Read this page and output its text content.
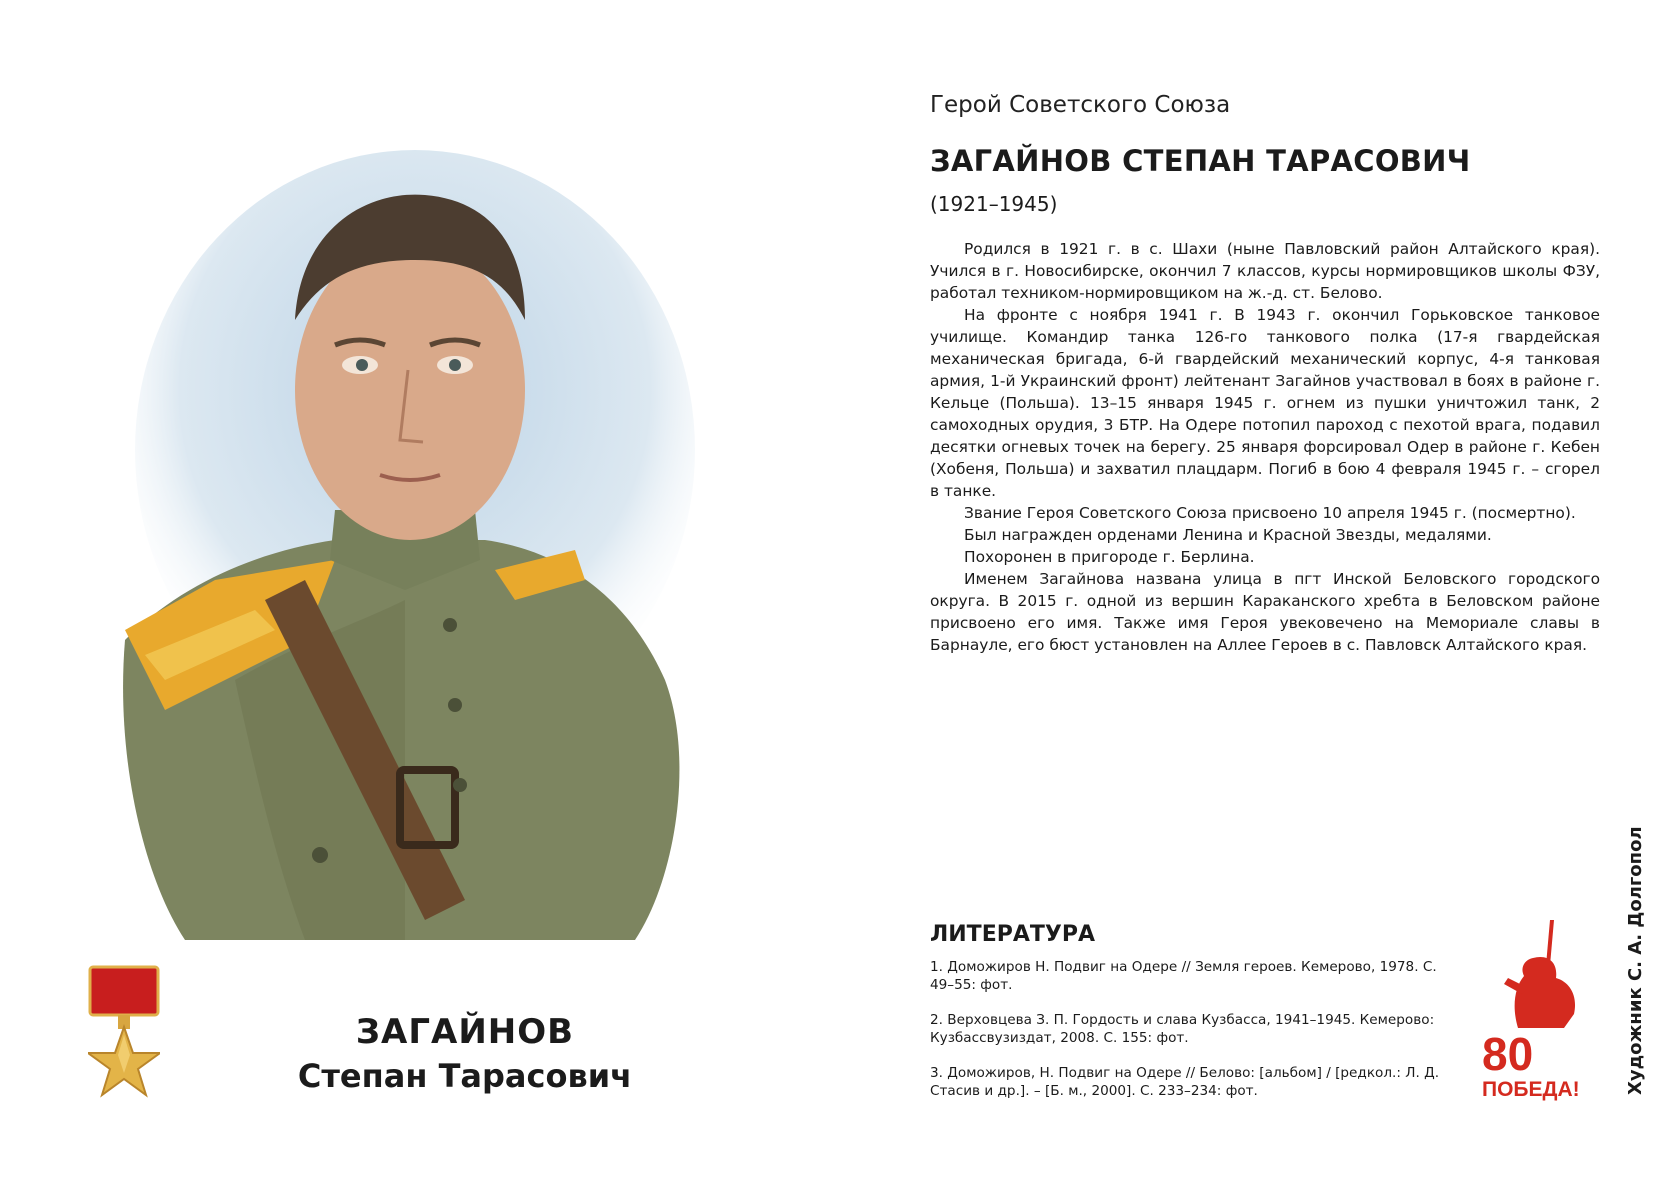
ЗАГАЙНОВ
Степан Тарасович
Герой Советского Союза
ЗАГАЙНОВ СТЕПАН ТАРАСОВИЧ
(1921–1945)

Родился в 1921 г. в с. Шахи (ныне Павловский район Алтайского края). Учился в г. Новосибирске, окончил 7 классов, курсы нормировщиков школы ФЗУ, работал техником-нормировщиком на ж.-д. ст. Белово.

На фронте с ноября 1941 г. В 1943 г. окончил Горьковское танковое училище. Командир танка 126-го танкового полка (17-я гвардейская механическая бригада, 6-й гвардейский механический корпус, 4-я танковая армия, 1-й Украинский фронт) лейтенант Загайнов участвовал в боях в районе г. Кельце (Польша). 13–15 января 1945 г. огнем из пушки уничтожил танк, 2 самоходных орудия, 3 БТР. На Одере потопил пароход с пехотой врага, подавил десятки огневых точек на берегу. 25 января форсировал Одер в районе г. Кебен (Хобеня, Польша) и захватил плацдарм. Погиб в бою 4 февраля 1945 г. – сгорел в танке.

Звание Героя Советского Союза присвоено 10 апреля 1945 г. (посмертно).

Был награжден орденами Ленина и Красной Звезды, медалями.

Похоронен в пригороде г. Берлина.

Именем Загайнова названа улица в пгт Инской Беловского городского округа. В 2015 г. одной из вершин Караканского хребта в Беловском районе присвоено его имя. Также имя Героя увековечено на Мемориале славы в Барнауле, его бюст установлен на Аллее Героев в с. Павловск Алтайского края.

ЛИТЕРАТУРА
1. Доможиров Н. Подвиг на Одере // Земля героев. Кемерово, 1978. С. 49–55: фот.
2. Верховцева З. П. Гордость и слава Кузбасса, 1941–1945. Кемерово: Кузбассвузиздат, 2008. С. 155: фот.
3. Доможиров, Н. Подвиг на Одере // Белово: [альбом] / [редкол.: Л. Д. Стасив и др.]. – [Б. м., 2000]. С. 233–234: фот.
80
ПОБЕДА!	Художник С. А. Долгопол
